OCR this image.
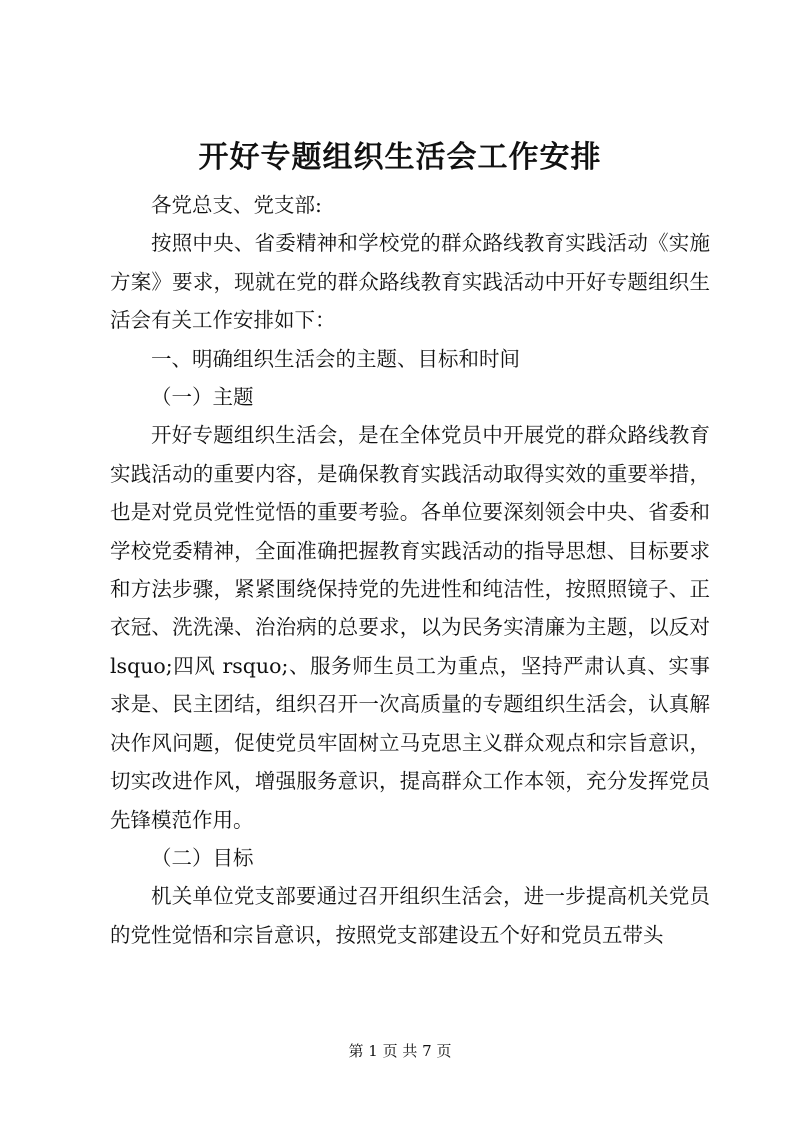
开好专题组织生活会工作安排

各党总支、党支部:

按照中央、省委精神和学校党的群众路线教育实践活动《实施方案》要求，现就在党的群众路线教育实践活动中开好专题组织生活会有关工作安排如下：

一、明确组织生活会的主题、目标和时间

（一）主题

开好专题组织生活会，是在全体党员中开展党的群众路线教育实践活动的重要内容，是确保教育实践活动取得实效的重要举措，也是对党员党性觉悟的重要考验。各单位要深刻领会中央、省委和学校党委精神，全面准确把握教育实践活动的指导思想、目标要求和方法步骤，紧紧围绕保持党的先进性和纯洁性，按照照镜子、正衣冠、洗洗澡、治治病的总要求，以为民务实清廉为主题，以反对 lsquo;四风 rsquo;、服务师生员工为重点，坚持严肃认真、实事求是、民主团结，组织召开一次高质量的专题组织生活会，认真解决作风问题，促使党员牢固树立马克思主义群众观点和宗旨意识，切实改进作风，增强服务意识，提高群众工作本领，充分发挥党员先锋模范作用。

（二）目标

机关单位党支部要通过召开组织生活会，进一步提高机关党员的党性觉悟和宗旨意识，按照党支部建设五个好和党员五带头

第 1 页 共 7 页
